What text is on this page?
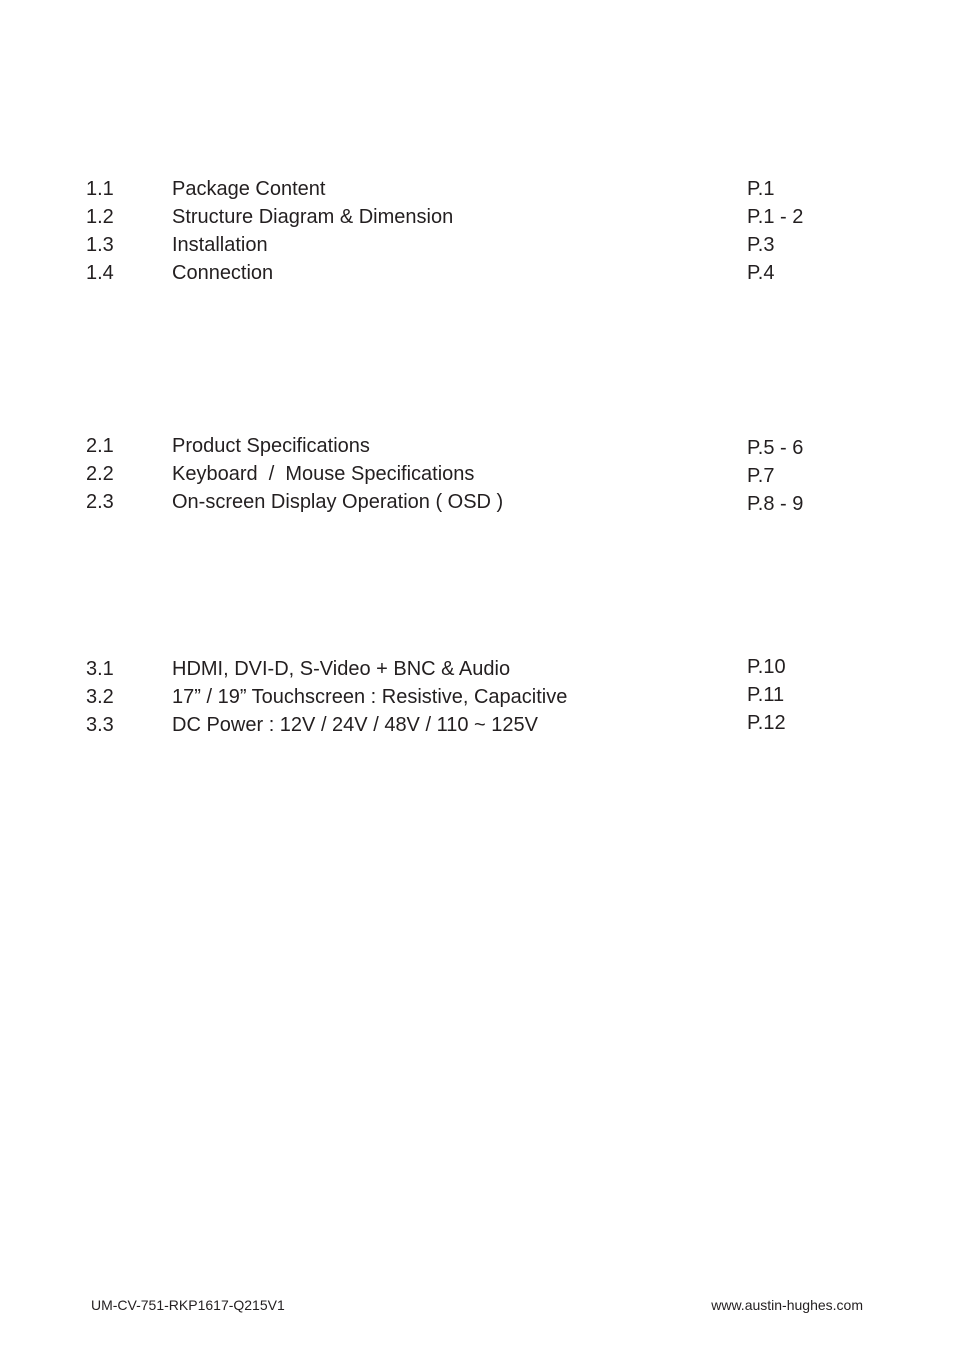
1.1	Package Content	P.1
1.2	Structure Diagram & Dimension	P.1 - 2
1.3	Installation	P.3
1.4	Connection	P.4
2.1	Product Specifications	P.5 - 6
2.2	Keyboard  /  Mouse Specifications	P.7
2.3	On-screen Display Operation ( OSD )	P.8 - 9
3.1	HDMI, DVI-D, S-Video + BNC & Audio	P.10
3.2	17” / 19” Touchscreen : Resistive, Capacitive	P.11
3.3	DC Power : 12V / 24V / 48V / 110 ~ 125V	P.12
UM-CV-751-RKP1617-Q215V1	www.austin-hughes.com
